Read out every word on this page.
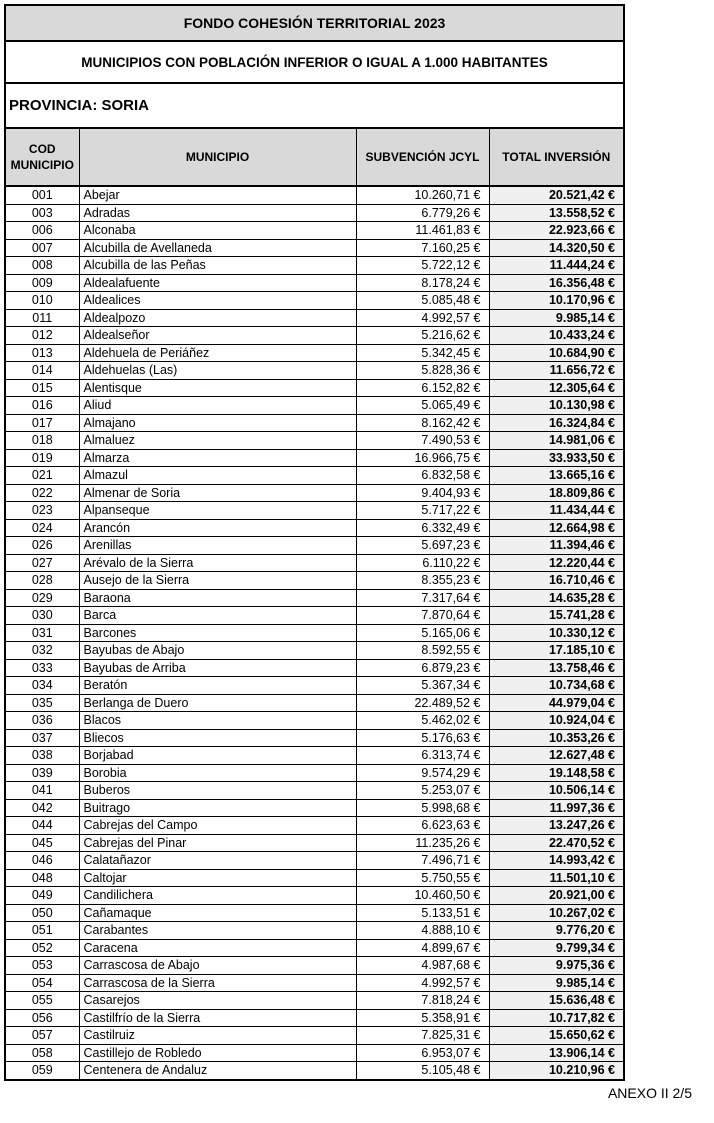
FONDO COHESIÓN TERRITORIAL 2023			
MUNICIPIOS CON POBLACIÓN INFERIOR O IGUAL A 1.000 HABITANTES			
PROVINCIA: SORIA			
COD MUNICIPIO	MUNICIPIO	SUBVENCIÓN JCYL	TOTAL INVERSIÓN
001	Abejar	10.260,71 €	20.521,42 €
003	Adradas	6.779,26 €	13.558,52 €
006	Alconaba	11.461,83 €	22.923,66 €
007	Alcubilla de Avellaneda	7.160,25 €	14.320,50 €
008	Alcubilla de las Peñas	5.722,12 €	11.444,24 €
009	Aldealafuente	8.178,24 €	16.356,48 €
010	Aldealices	5.085,48 €	10.170,96 €
011	Aldealpozo	4.992,57 €	9.985,14 €
012	Aldealseñor	5.216,62 €	10.433,24 €
013	Aldehuela de Periáñez	5.342,45 €	10.684,90 €
014	Aldehuelas (Las)	5.828,36 €	11.656,72 €
015	Alentisque	6.152,82 €	12.305,64 €
016	Aliud	5.065,49 €	10.130,98 €
017	Almajano	8.162,42 €	16.324,84 €
018	Almaluez	7.490,53 €	14.981,06 €
019	Almarza	16.966,75 €	33.933,50 €
021	Almazul	6.832,58 €	13.665,16 €
022	Almenar de Soria	9.404,93 €	18.809,86 €
023	Alpanseque	5.717,22 €	11.434,44 €
024	Arancón	6.332,49 €	12.664,98 €
026	Arenillas	5.697,23 €	11.394,46 €
027	Arévalo de la Sierra	6.110,22 €	12.220,44 €
028	Ausejo de la Sierra	8.355,23 €	16.710,46 €
029	Baraona	7.317,64 €	14.635,28 €
030	Barca	7.870,64 €	15.741,28 €
031	Barcones	5.165,06 €	10.330,12 €
032	Bayubas de Abajo	8.592,55 €	17.185,10 €
033	Bayubas de Arriba	6.879,23 €	13.758,46 €
034	Beratón	5.367,34 €	10.734,68 €
035	Berlanga de Duero	22.489,52 €	44.979,04 €
036	Blacos	5.462,02 €	10.924,04 €
037	Bliecos	5.176,63 €	10.353,26 €
038	Borjabad	6.313,74 €	12.627,48 €
039	Borobia	9.574,29 €	19.148,58 €
041	Buberos	5.253,07 €	10.506,14 €
042	Buitrago	5.998,68 €	11.997,36 €
044	Cabrejas del Campo	6.623,63 €	13.247,26 €
045	Cabrejas del Pinar	11.235,26 €	22.470,52 €
046	Calatañazor	7.496,71 €	14.993,42 €
048	Caltojar	5.750,55 €	11.501,10 €
049	Candilichera	10.460,50 €	20.921,00 €
050	Cañamaque	5.133,51 €	10.267,02 €
051	Carabantes	4.888,10 €	9.776,20 €
052	Caracena	4.899,67 €	9.799,34 €
053	Carrascosa de Abajo	4.987,68 €	9.975,36 €
054	Carrascosa de la Sierra	4.992,57 €	9.985,14 €
055	Casarejos	7.818,24 €	15.636,48 €
056	Castilfrío de la Sierra	5.358,91 €	10.717,82 €
057	Castilruiz	7.825,31 €	15.650,62 €
058	Castillejo de Robledo	6.953,07 €	13.906,14 €
059	Centenera de Andaluz	5.105,48 €	10.210,96 €
ANEXO II 2/5
